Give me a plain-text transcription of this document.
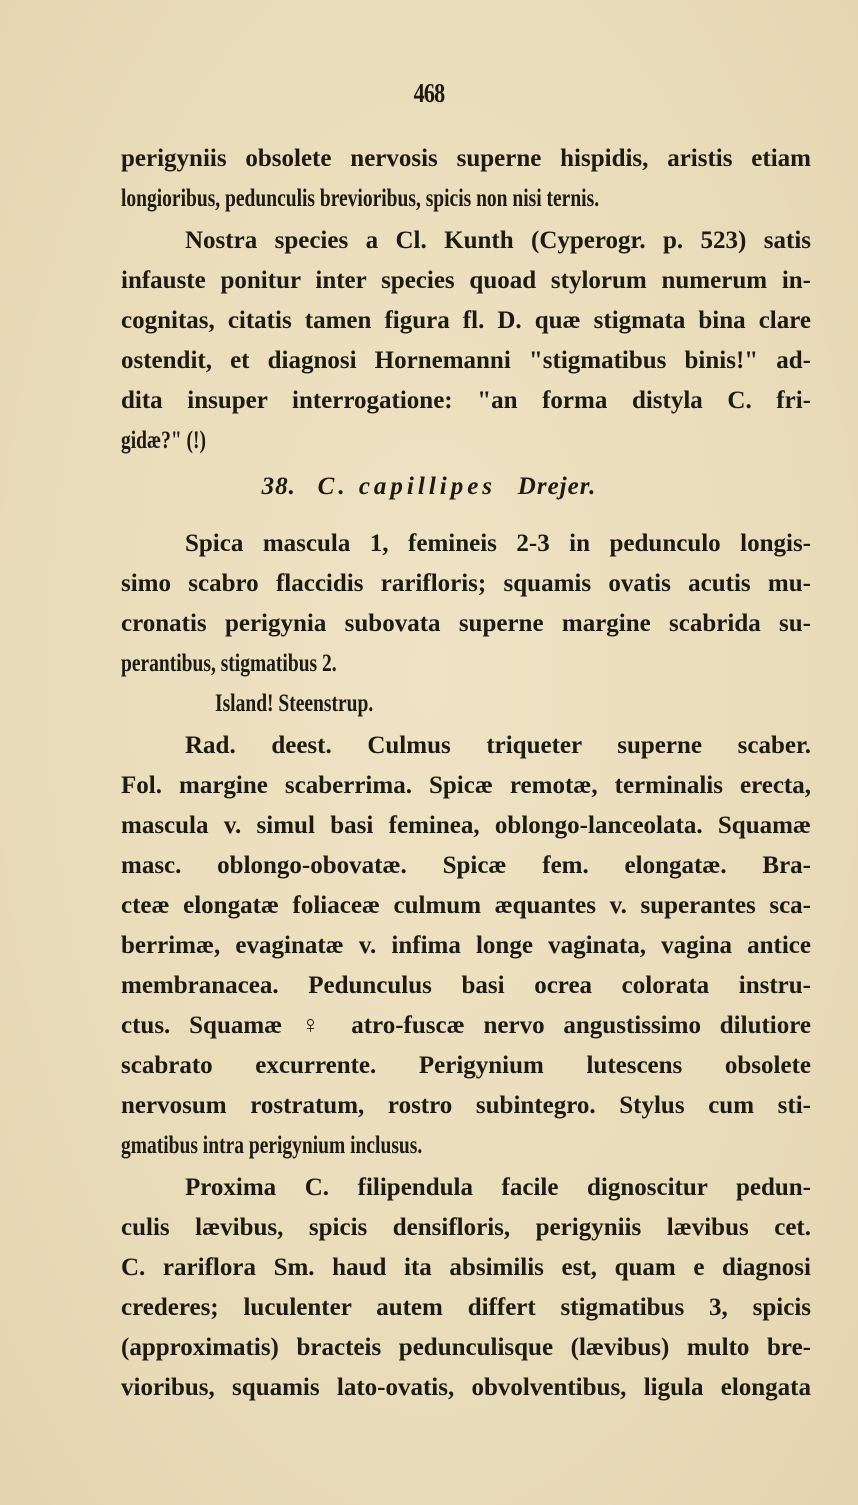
468
perigyniis obsolete nervosis superne hispidis, aristis etiam
longioribus, pedunculis brevioribus, spicis non nisi ternis.
Nostra species a Cl. Kunth (Cyperogr. p. 523) satis
infauste ponitur inter species quoad stylorum numerum in-
cognitas, citatis tamen figura fl. D. quæ stigmata bina clare
ostendit, et diagnosi Hornemanni "stigmatibus binis!" ad-
dita insuper interrogatione: "an forma distyla C. fri-
gidæ?" (!)
38. C. capillipes Drejer.
Spica mascula 1, femineis 2-3 in pedunculo longis-
simo scabro flaccidis rarifloris; squamis ovatis acutis mu-
cronatis perigynia subovata superne margine scabrida su-
perantibus, stigmatibus 2.
Island! Steenstrup.
Rad. deest. Culmus triqueter superne scaber.
Fol. margine scaberrima. Spicæ remotæ, terminalis erecta,
mascula v. simul basi feminea, oblongo-lanceolata. Squamæ
masc. oblongo-obovatæ. Spicæ fem. elongatæ. Bra-
cteæ elongatæ foliaceæ culmum æquantes v. superantes sca-
berrimæ, evaginatæ v. infima longe vaginata, vagina antice
membranacea. Pedunculus basi ocrea colorata instru-
ctus. Squamæ ♀ atro-fuscæ nervo angustissimo dilutiore
scabrato excurrente. Perigynium lutescens obsolete
nervosum rostratum, rostro subintegro. Stylus cum sti-
gmatibus intra perigynium inclusus.
Proxima C. filipendula facile dignoscitur pedun-
culis lævibus, spicis densifloris, perigyniis lævibus cet.
C. rariflora Sm. haud ita absimilis est, quam e diagnosi
crederes; luculenter autem differt stigmatibus 3, spicis
(approximatis) bracteis pedunculisque (lævibus) multo bre-
vioribus, squamis lato-ovatis, obvolventibus, ligula elongata
